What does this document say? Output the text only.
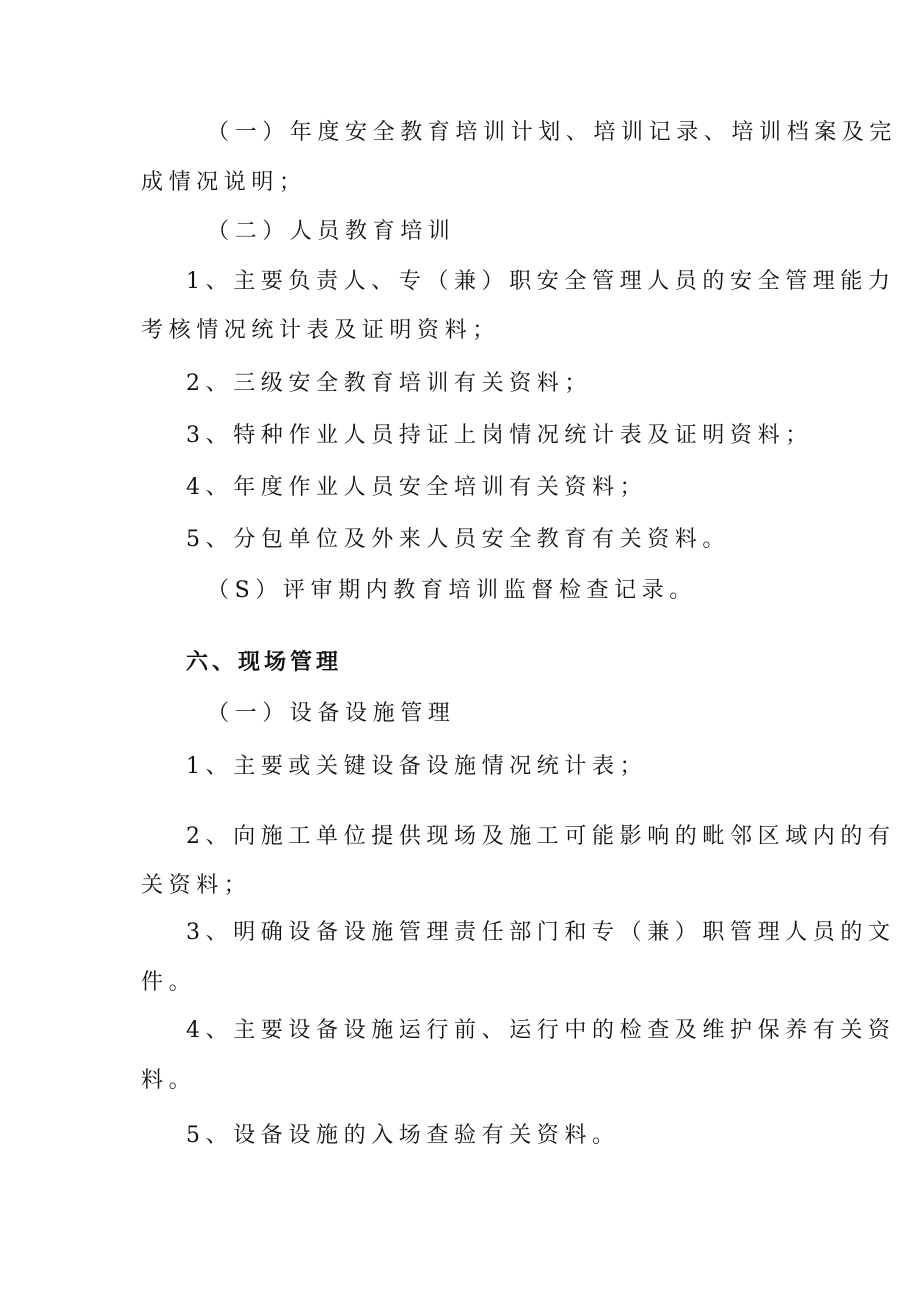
（一）年度安全教育培训计划、培训记录、培训档案及完
成情况说明；
（二）人员教育培训
1、主要负责人、专（兼）职安全管理人员的安全管理能力
考核情况统计表及证明资料；
2、三级安全教育培训有关资料；
3、特种作业人员持证上岗情况统计表及证明资料；
4、年度作业人员安全培训有关资料；
5、分包单位及外来人员安全教育有关资料。
（S）评审期内教育培训监督检查记录。
六、现场管理
（一）设备设施管理
1、主要或关键设备设施情况统计表；
2、向施工单位提供现场及施工可能影响的毗邻区域内的有
关资料；
3、明确设备设施管理责任部门和专（兼）职管理人员的文
件。
4、主要设备设施运行前、运行中的检查及维护保养有关资
料。
5、设备设施的入场查验有关资料。
